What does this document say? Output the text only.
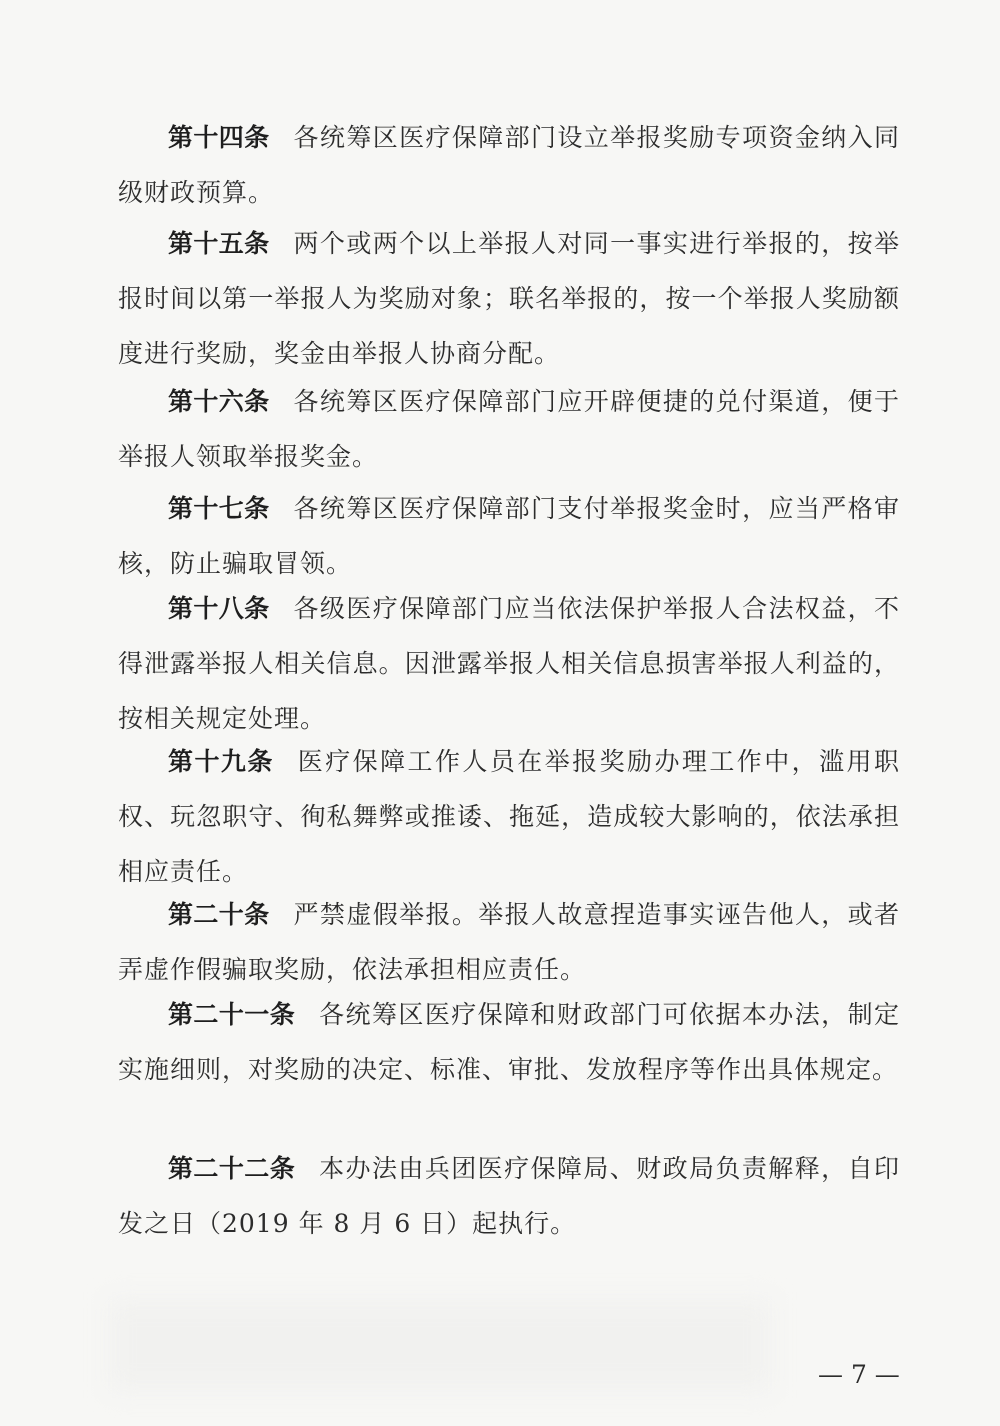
第十四条 各统筹区医疗保障部门设立举报奖励专项资金纳入同级财政预算。

第十五条 两个或两个以上举报人对同一事实进行举报的，按举报时间以第一举报人为奖励对象；联名举报的，按一个举报人奖励额度进行奖励，奖金由举报人协商分配。

第十六条 各统筹区医疗保障部门应开辟便捷的兑付渠道，便于举报人领取举报奖金。

第十七条 各统筹区医疗保障部门支付举报奖金时，应当严格审核，防止骗取冒领。

第十八条 各级医疗保障部门应当依法保护举报人合法权益，不得泄露举报人相关信息。因泄露举报人相关信息损害举报人利益的，按相关规定处理。

第十九条 医疗保障工作人员在举报奖励办理工作中，滥用职权、玩忽职守、徇私舞弊或推诿、拖延，造成较大影响的，依法承担相应责任。

第二十条 严禁虚假举报。举报人故意捏造事实诬告他人，或者弄虚作假骗取奖励，依法承担相应责任。

第二十一条 各统筹区医疗保障和财政部门可依据本办法，制定实施细则，对奖励的决定、标准、审批、发放程序等作出具体规定。

第二十二条 本办法由兵团医疗保障局、财政局负责解释，自印发之日（2019 年 8 月 6 日）起执行。

— 7 —
